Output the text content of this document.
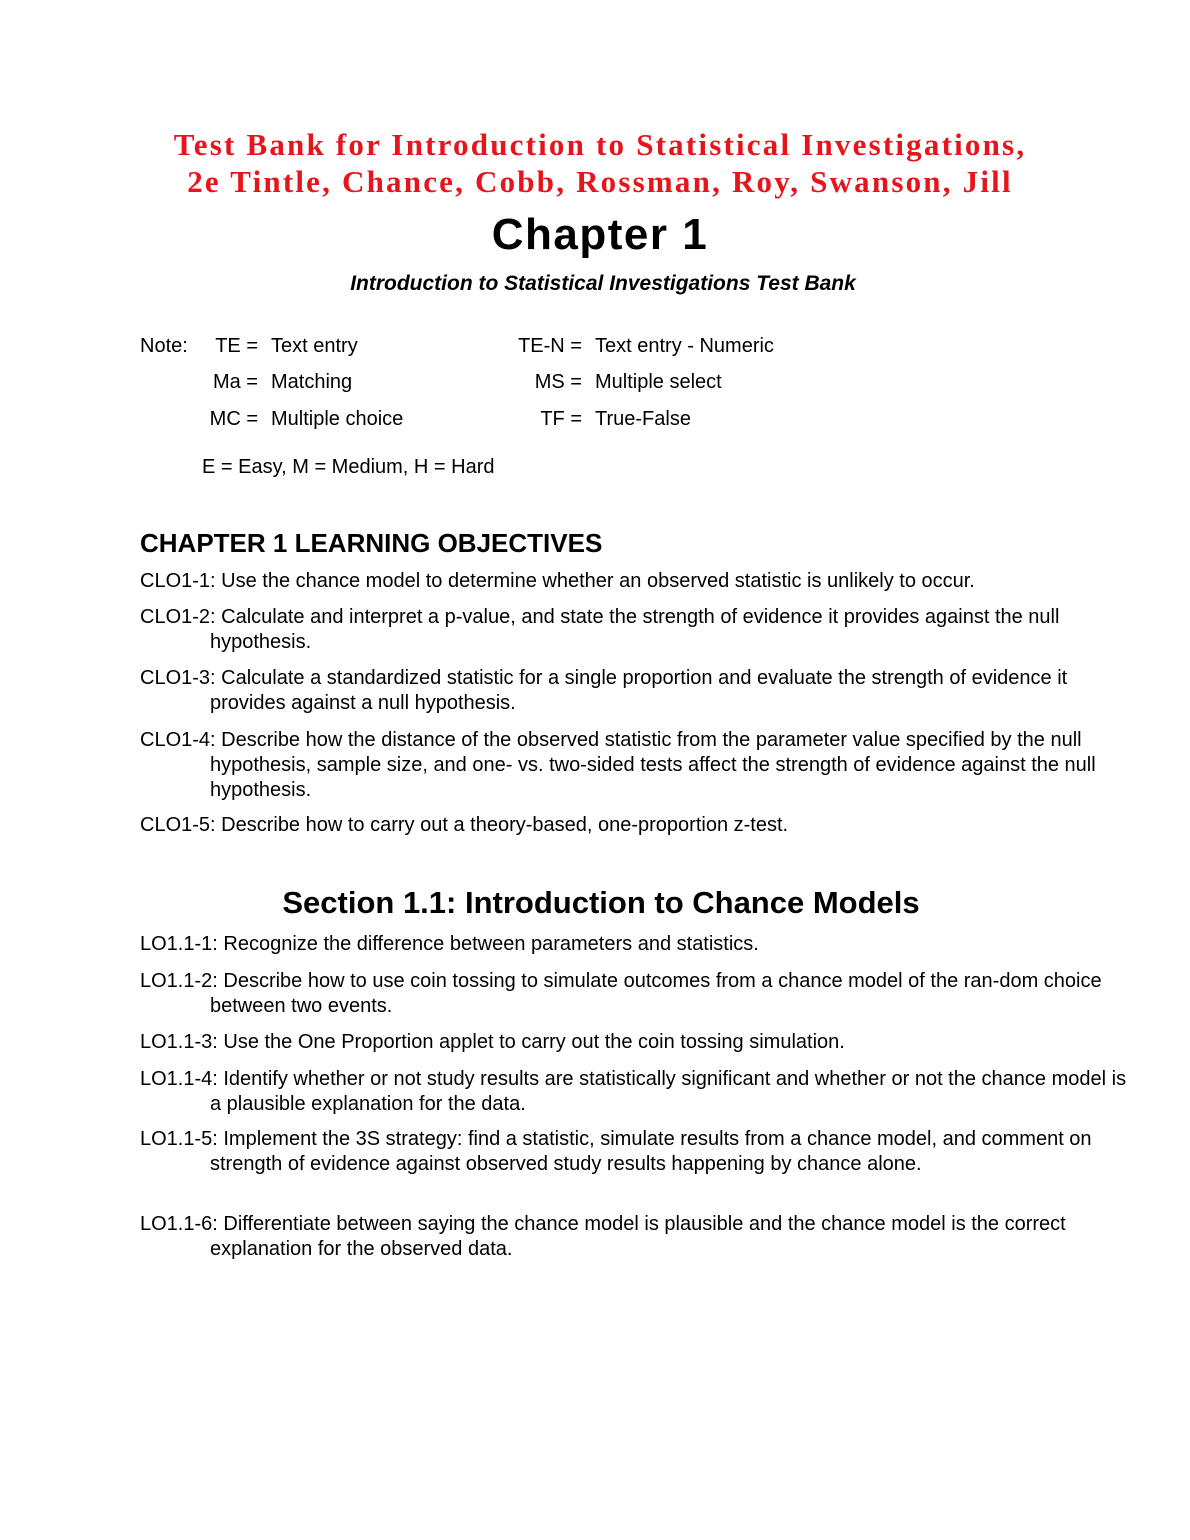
Test Bank for Introduction to Statistical Investigations,
2e Tintle, Chance, Cobb, Rossman, Roy, Swanson, Jill
Chapter 1
Introduction to Statistical Investigations Test Bank
Note:	TE = Text entry
Ma = Matching
MC = Multiple choice
TE-N = Text entry - Numeric
MS = Multiple select
TF = True-False
E = Easy, M = Medium, H = Hard
CHAPTER 1 LEARNING OBJECTIVES

CLO1-1: Use the chance model to determine whether an observed statistic is unlikely to occur.

CLO1-2: Calculate and interpret a p-value, and state the strength of evidence it provides against the null hypothesis.

CLO1-3: Calculate a standardized statistic for a single proportion and evaluate the strength of evidence it provides against a null hypothesis.

CLO1-4: Describe how the distance of the observed statistic from the parameter value specified by the null hypothesis, sample size, and one- vs. two-sided tests affect the strength of evidence against the null hypothesis.

CLO1-5: Describe how to carry out a theory-based, one-proportion z-test.

Section 1.1: Introduction to Chance Models

LO1.1-1: Recognize the difference between parameters and statistics.

LO1.1-2: Describe how to use coin tossing to simulate outcomes from a chance model of the ran-dom choice between two events.

LO1.1-3: Use the One Proportion applet to carry out the coin tossing simulation.

LO1.1-4: Identify whether or not study results are statistically significant and whether or not the chance model is a plausible explanation for the data.

LO1.1-5: Implement the 3S strategy: find a statistic, simulate results from a chance model, and comment on strength of evidence against observed study results happening by chance alone.

LO1.1-6: Differentiate between saying the chance model is plausible and the chance model is the correct explanation for the observed data.
